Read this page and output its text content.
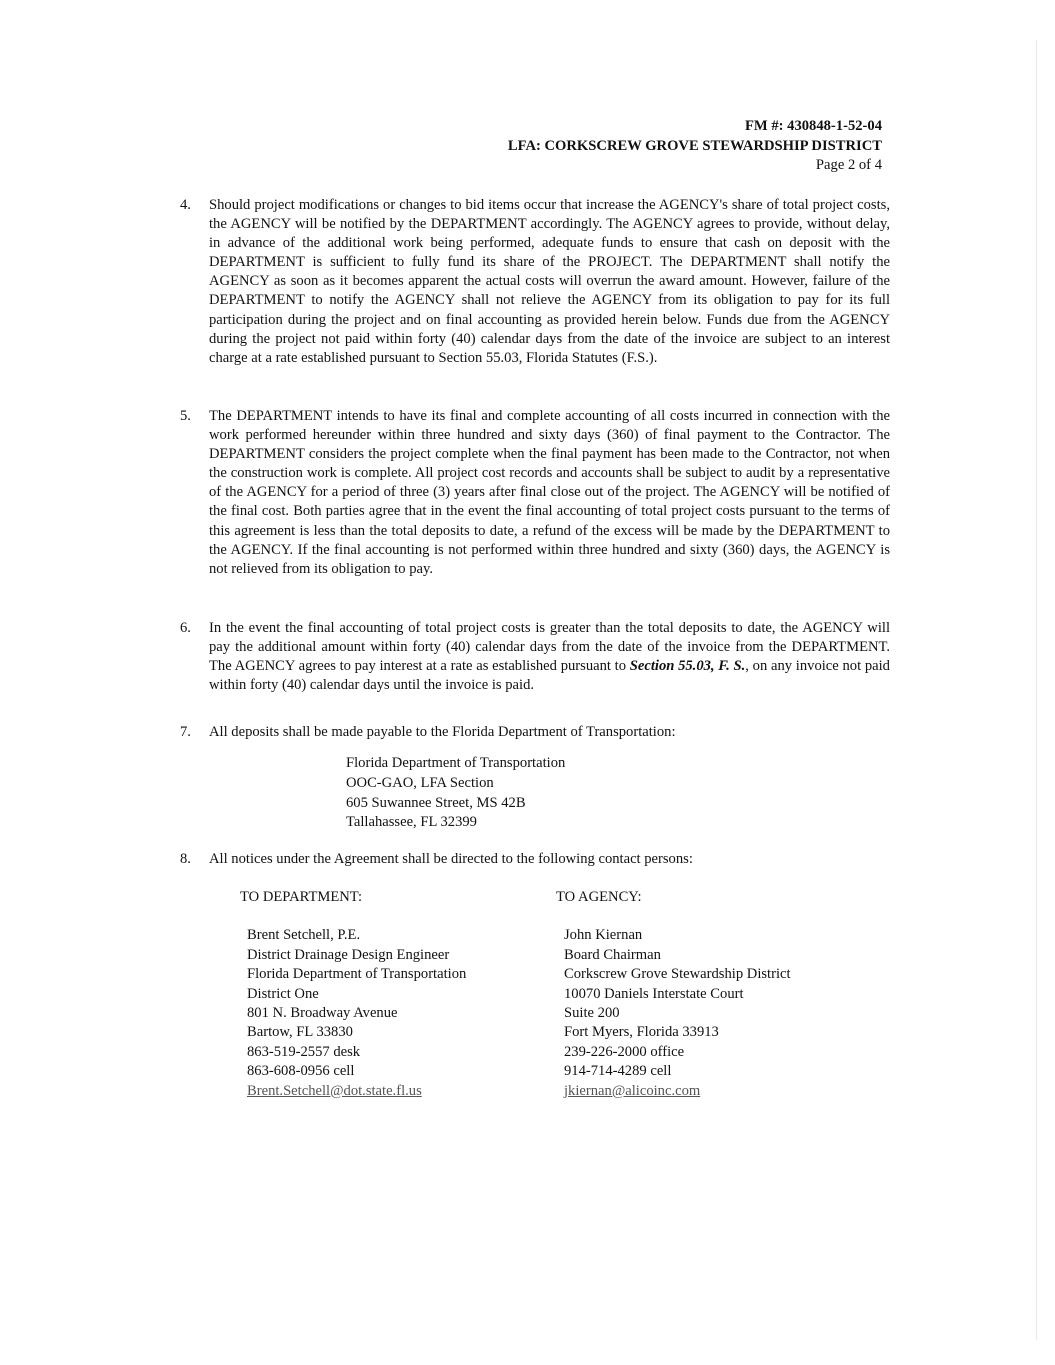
FM #: 430848-1-52-04
LFA: CORKSCREW GROVE STEWARDSHIP DISTRICT
Page 2 of 4
4.	Should project modifications or changes to bid items occur that increase the AGENCY's share of total project costs, the AGENCY will be notified by the DEPARTMENT accordingly. The AGENCY agrees to provide, without delay, in advance of the additional work being performed, adequate funds to ensure that cash on deposit with the DEPARTMENT is sufficient to fully fund its share of the PROJECT. The DEPARTMENT shall notify the AGENCY as soon as it becomes apparent the actual costs will overrun the award amount. However, failure of the DEPARTMENT to notify the AGENCY shall not relieve the AGENCY from its obligation to pay for its full participation during the project and on final accounting as provided herein below. Funds due from the AGENCY during the project not paid within forty (40) calendar days from the date of the invoice are subject to an interest charge at a rate established pursuant to Section 55.03, Florida Statutes (F.S.).
5.	The DEPARTMENT intends to have its final and complete accounting of all costs incurred in connection with the work performed hereunder within three hundred and sixty days (360) of final payment to the Contractor. The DEPARTMENT considers the project complete when the final payment has been made to the Contractor, not when the construction work is complete. All project cost records and accounts shall be subject to audit by a representative of the AGENCY for a period of three (3) years after final close out of the project. The AGENCY will be notified of the final cost. Both parties agree that in the event the final accounting of total project costs pursuant to the terms of this agreement is less than the total deposits to date, a refund of the excess will be made by the DEPARTMENT to the AGENCY. If the final accounting is not performed within three hundred and sixty (360) days, the AGENCY is not relieved from its obligation to pay.
6.	In the event the final accounting of total project costs is greater than the total deposits to date, the AGENCY will pay the additional amount within forty (40) calendar days from the date of the invoice from the DEPARTMENT. The AGENCY agrees to pay interest at a rate as established pursuant to Section 55.03, F. S., on any invoice not paid within forty (40) calendar days until the invoice is paid.
7.	All deposits shall be made payable to the Florida Department of Transportation:
Florida Department of Transportation
OOC-GAO, LFA Section
605 Suwannee Street, MS 42B
Tallahassee, FL 32399
8.	All notices under the Agreement shall be directed to the following contact persons:
TO DEPARTMENT:
Brent Setchell, P.E.
District Drainage Design Engineer
Florida Department of Transportation
District One
801 N. Broadway Avenue
Bartow, FL 33830
863-519-2557 desk
863-608-0956 cell
Brent.Setchell@dot.state.fl.us
TO AGENCY:
John Kiernan
Board Chairman
Corkscrew Grove Stewardship District
10070 Daniels Interstate Court
Suite 200
Fort Myers, Florida 33913
239-226-2000 office
914-714-4289 cell
jkiernan@alicoinc.com
